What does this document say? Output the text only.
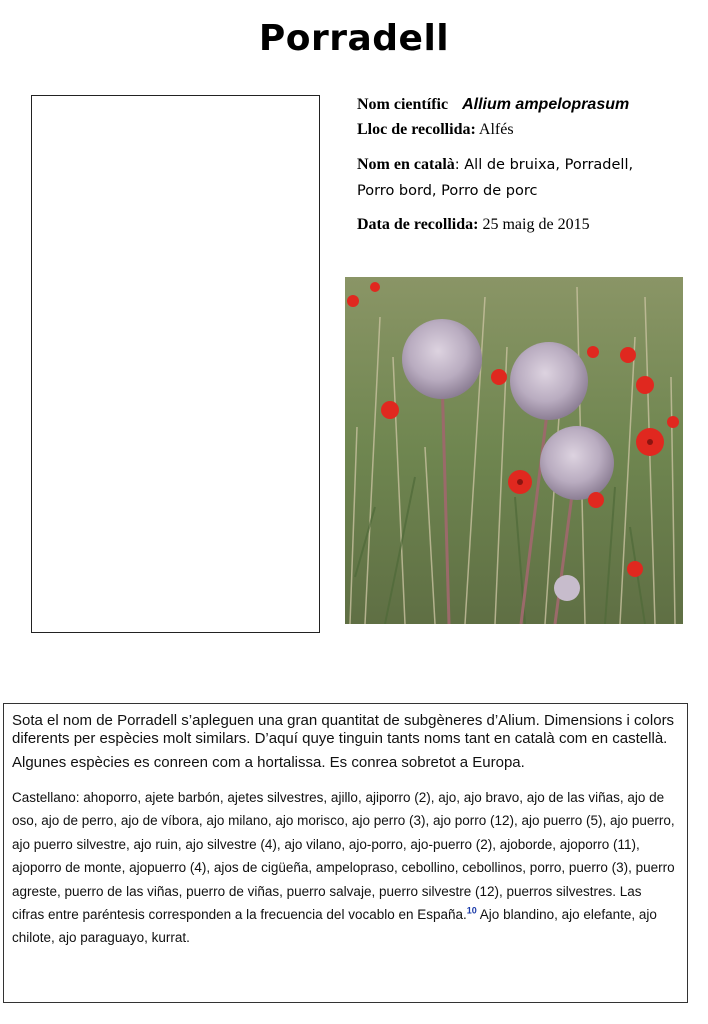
Porradell
Nom científic Allium ampeloprasum
Lloc de recollida: Alfés
Nom en català: All de bruixa, Porradell,
Porro bord, Porro de porc
Data de recollida: 25 maig de 2015

Sota el nom de Porradell s’apleguen una gran quantitat de subgèneres d’Alium. Dimensions i colors diferents per espècies molt similars. D’aquí quye tinguin tants noms tant en català com en castellà.

Algunes espècies es conreen com a hortalissa. Es conrea sobretot a Europa.

Castellano: ahoporro, ajete barbón, ajetes silvestres, ajillo, ajiporro (2), ajo, ajo bravo, ajo de las viñas, ajo de oso, ajo de perro, ajo de víbora, ajo milano, ajo morisco, ajo perro (3), ajo porro (12), ajo puerro (5), ajo puerro, ajo puerro silvestre, ajo ruin, ajo silvestre (4), ajo vilano, ajo-porro, ajo-puerro (2), ajoborde, ajoporro (11), ajoporro de monte, ajopuerro (4), ajos de cigüeña, ampelopraso, cebollino, cebollinos, porro, puerro (3), puerro agreste, puerro de las viñas, puerro de viñas, puerro salvaje, puerro silvestre (12), puerros silvestres. Las cifras entre paréntesis corresponden a la frecuencia del vocablo en España.$^{10}$ Ajo blandino, ajo elefante, ajo chilote, ajo paraguayo, kurrat.
